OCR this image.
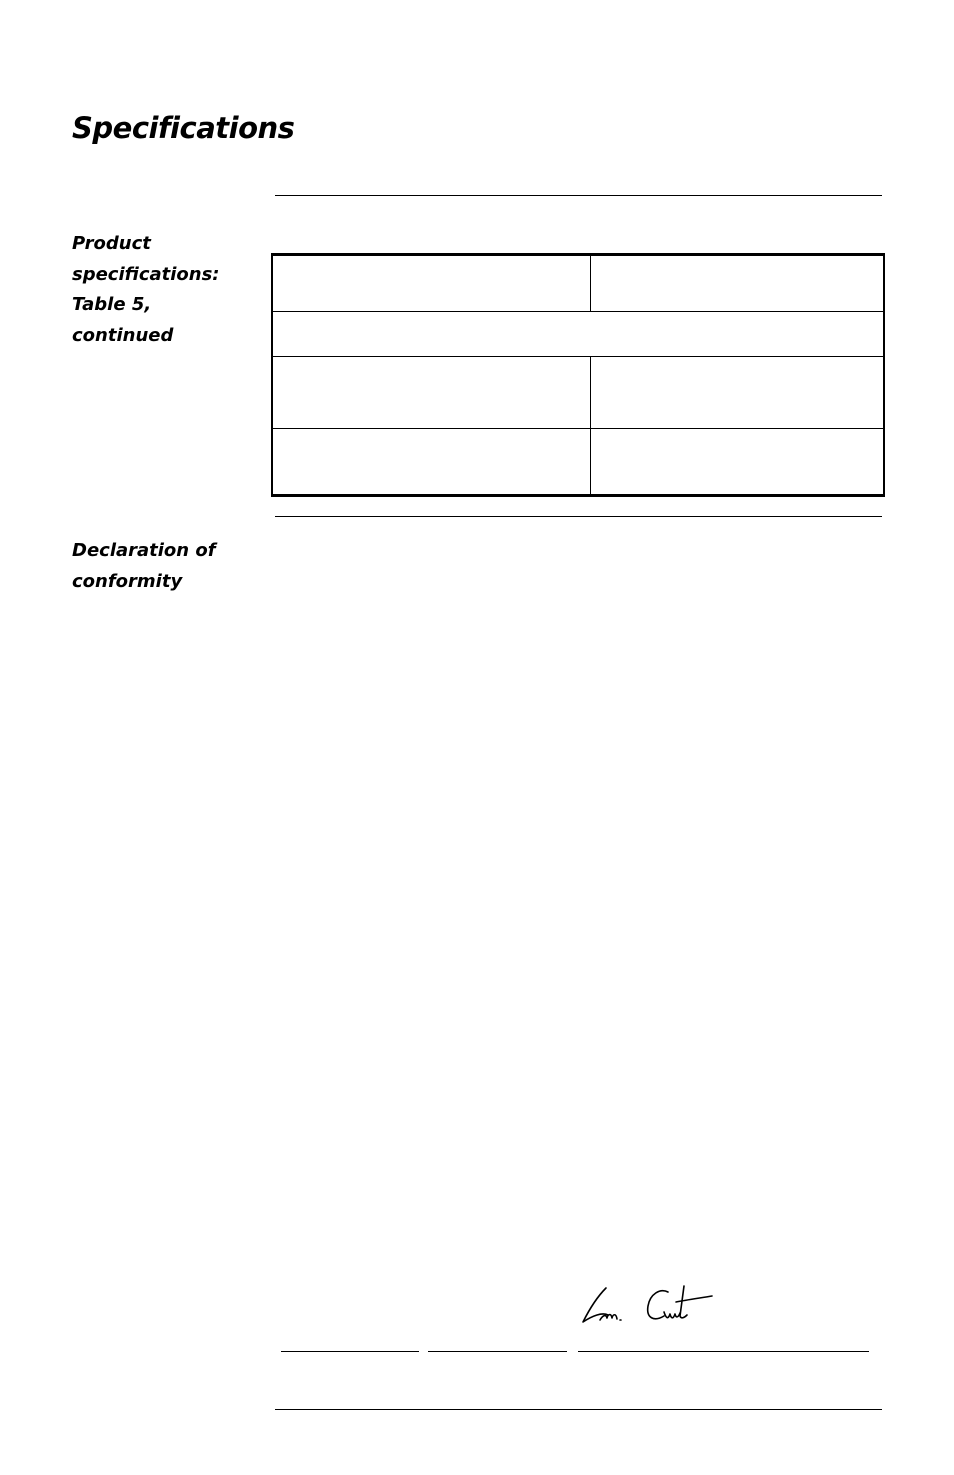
Specifications
Product
specifications:
Table 5,
continued
Declaration of
conformity
